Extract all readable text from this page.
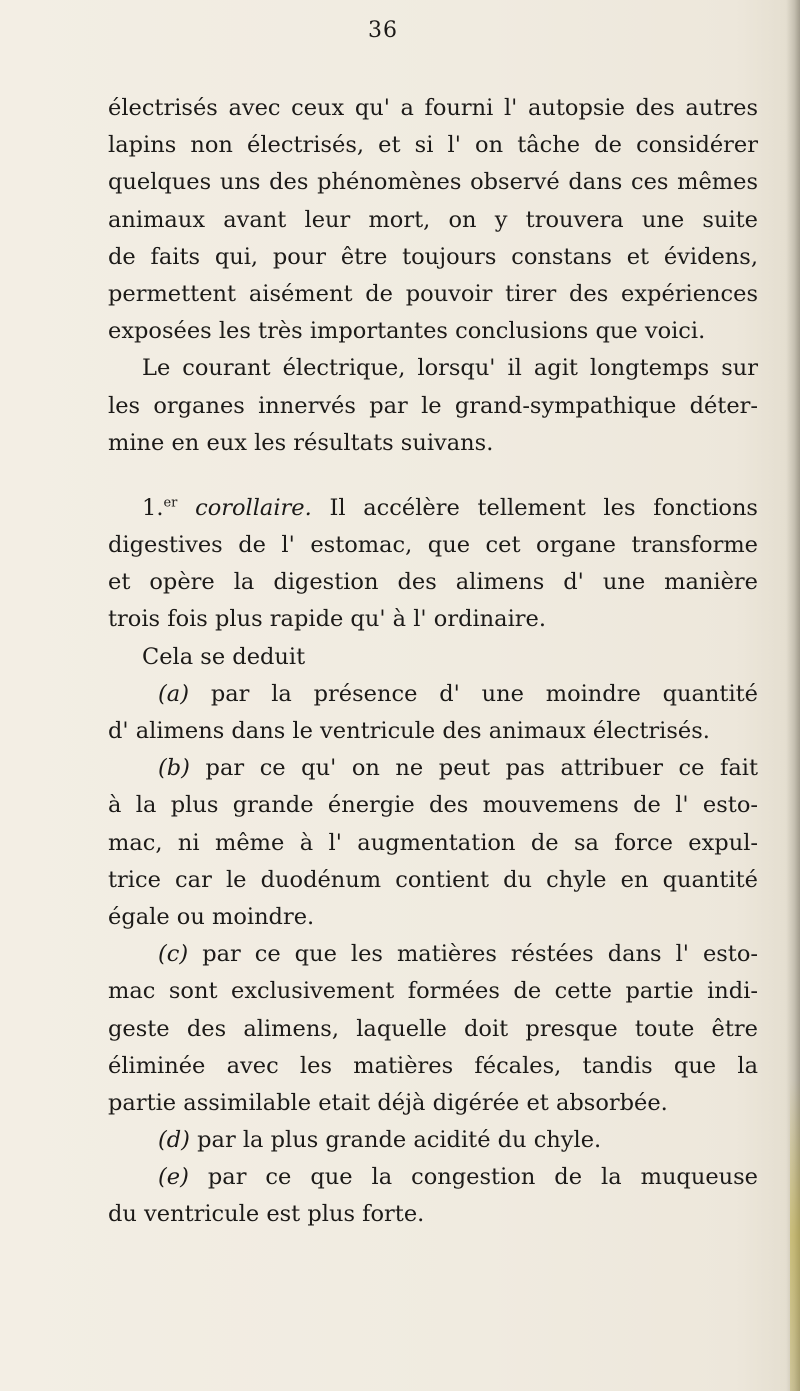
36
électrisés avec ceux qu' a fourni l' autopsie des autres
lapins non électrisés, et si l' on tâche de considérer
quelques uns des phénomènes observé dans ces mêmes
animaux avant leur mort, on y trouvera une suite
de faits qui, pour être toujours constans et évidens,
permettent aisément de pouvoir tirer des expériences
exposées les très importantes conclusions que voici.
Le courant électrique, lorsqu' il agit longtemps sur
les organes innervés par le grand-sympathique déter-
mine en eux les résultats suivans.
1.$^{er}$ corollaire. Il accélère tellement les fonctions
digestives de l' estomac, que cet organe transforme
et opère la digestion des alimens d' une manière
trois fois plus rapide qu' à l' ordinaire.
Cela se deduit
(a) par la présence d' une moindre quantité
d' alimens dans le ventricule des animaux électrisés.
(b) par ce qu' on ne peut pas attribuer ce fait
à la plus grande énergie des mouvemens de l' esto-
mac, ni même à l' augmentation de sa force expul-
trice car le duodénum contient du chyle en quantité
égale ou moindre.
(c) par ce que les matières réstées dans l' esto-
mac sont exclusivement formées de cette partie indi-
geste des alimens, laquelle doit presque toute être
éliminée avec les matières fécales, tandis que la
partie assimilable etait déjà digérée et absorbée.
(d) par la plus grande acidité du chyle.
(e) par ce que la congestion de la muqueuse
du ventricule est plus forte.
